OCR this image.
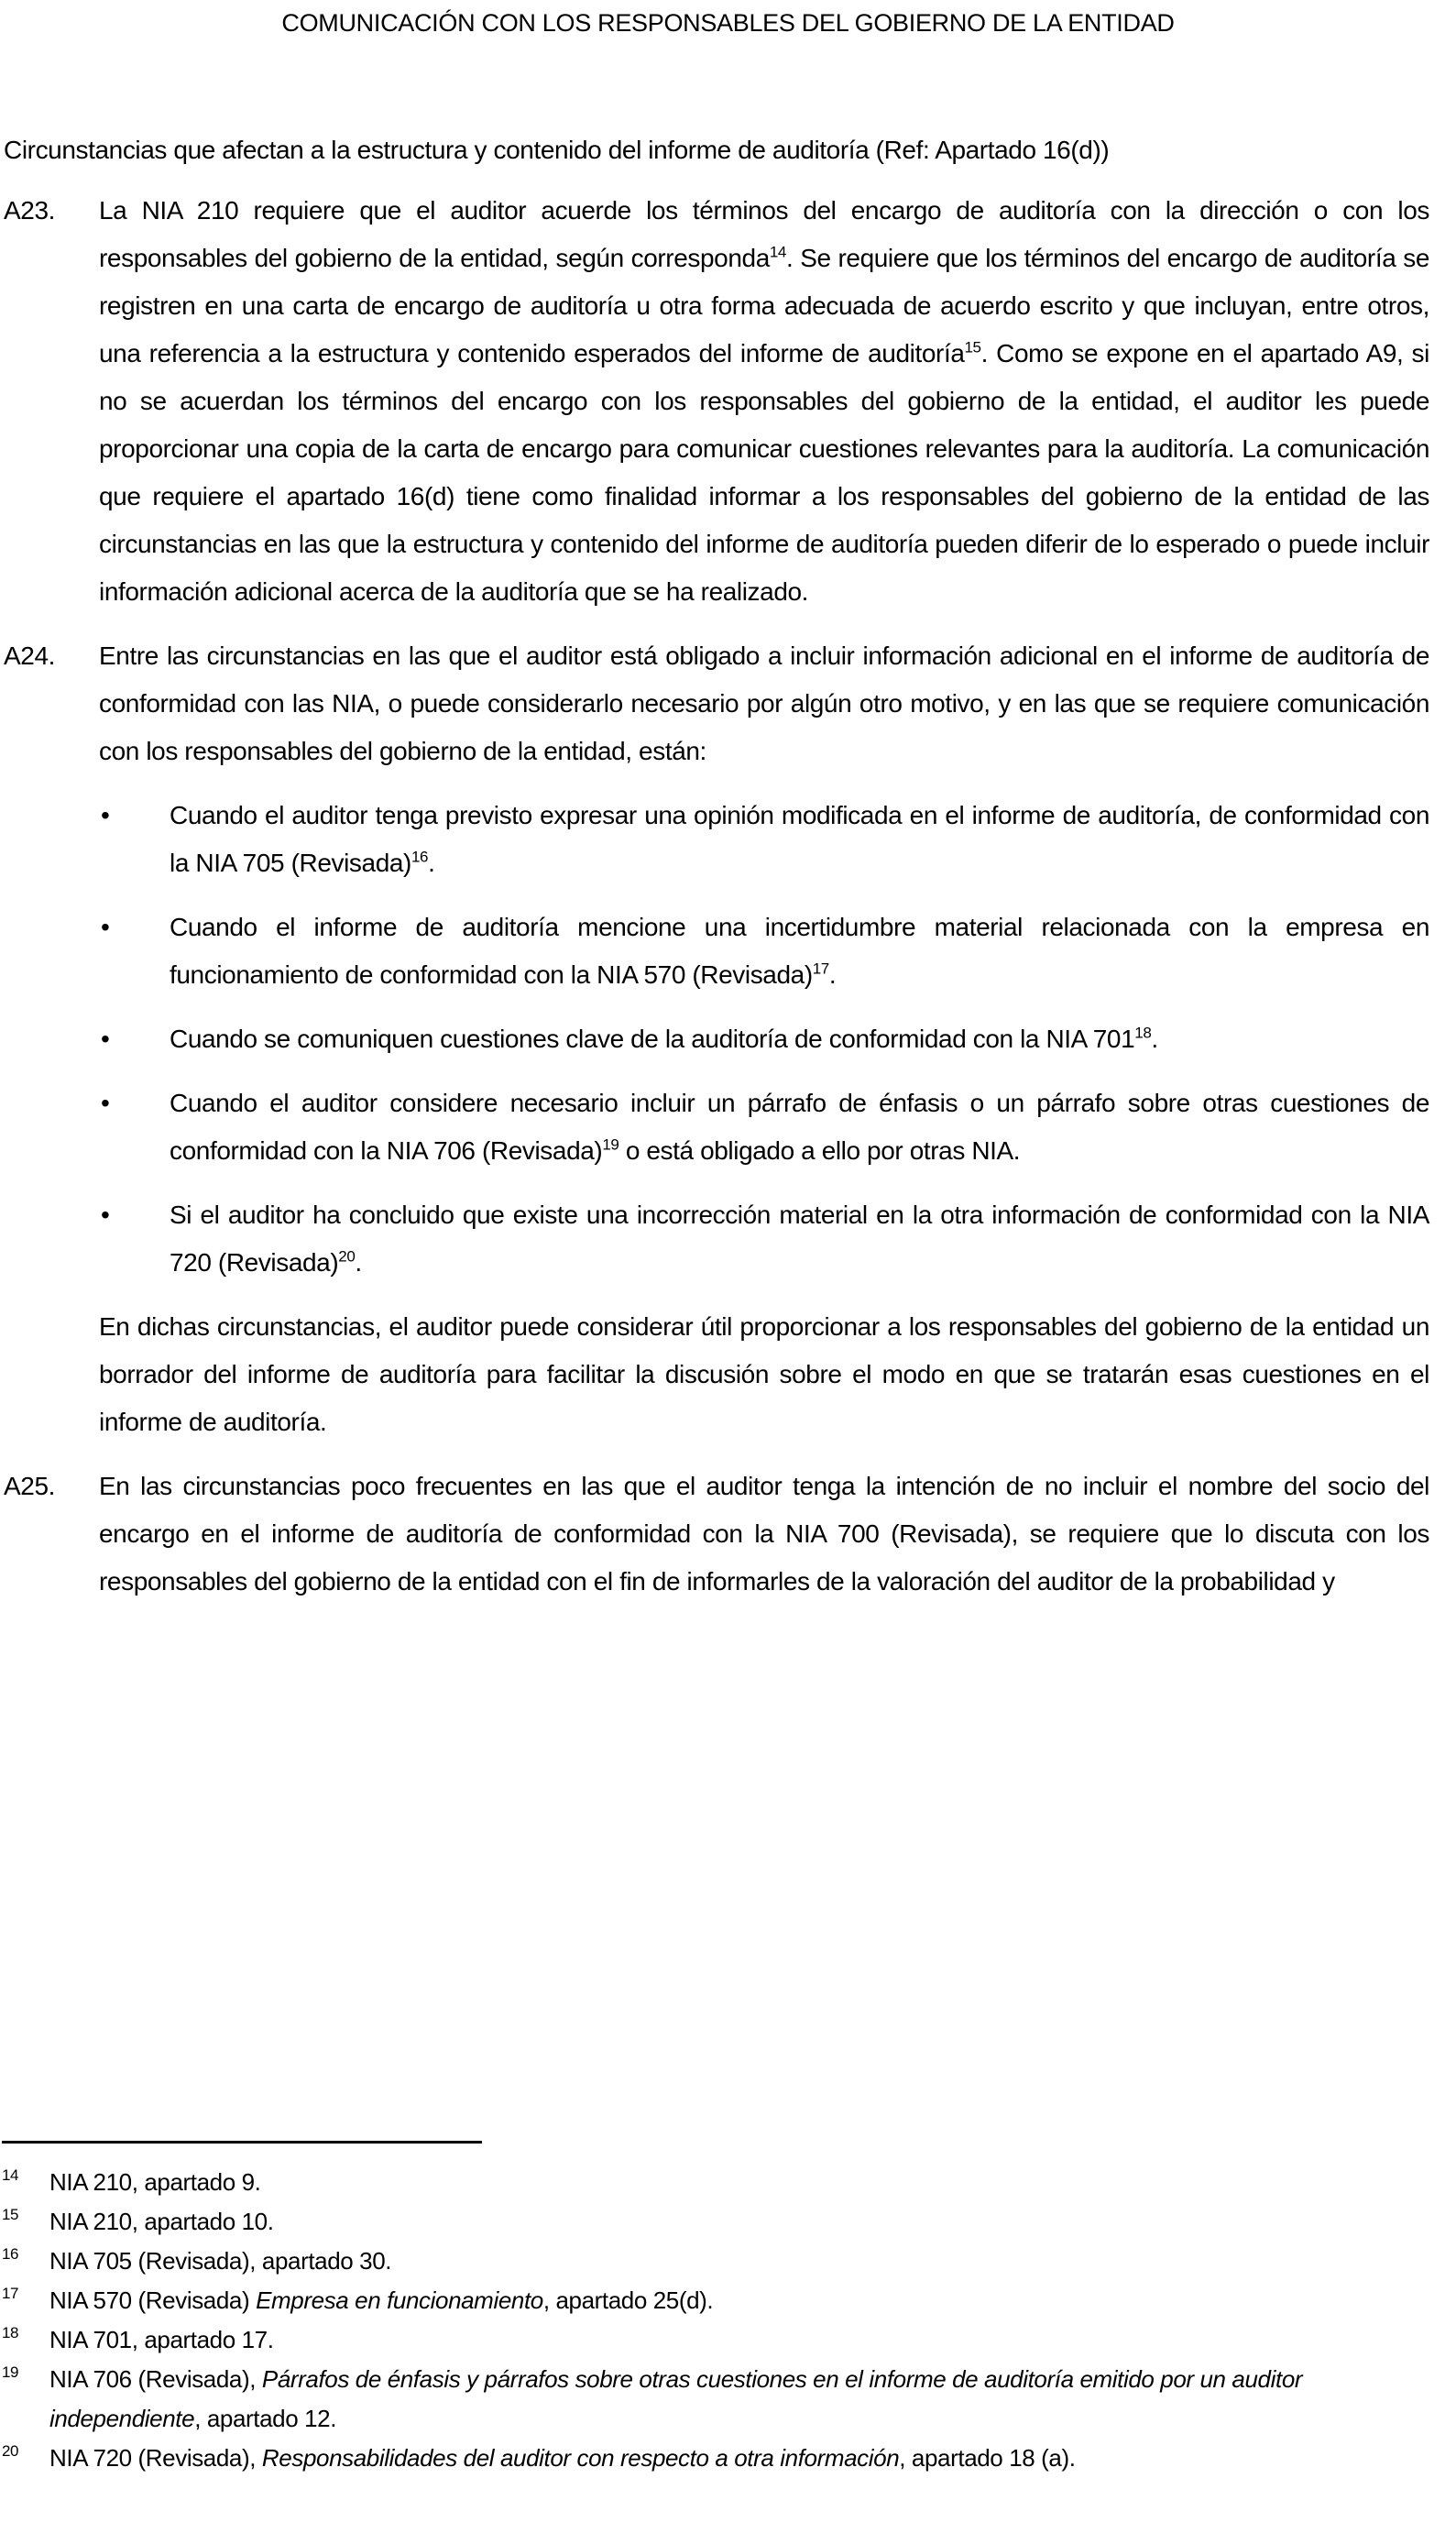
COMUNICACIÓN CON LOS RESPONSABLES DEL GOBIERNO DE LA ENTIDAD

Circunstancias que afectan a la estructura y contenido del informe de auditoría (Ref: Apartado 16(d))

A23. La NIA 210 requiere que el auditor acuerde los términos del encargo de auditoría con la dirección o con los responsables del gobierno de la entidad, según corresponda$^{14}$. Se requiere que los términos del encargo de auditoría se registren en una carta de encargo de auditoría u otra forma adecuada de acuerdo escrito y que incluyan, entre otros, una referencia a la estructura y contenido esperados del informe de auditoría$^{15}$. Como se expone en el apartado A9, si no se acuerdan los términos del encargo con los responsables del gobierno de la entidad, el auditor les puede proporcionar una copia de la carta de encargo para comunicar cuestiones relevantes para la auditoría. La comunicación que requiere el apartado 16(d) tiene como finalidad informar a los responsables del gobierno de la entidad de las circunstancias en las que la estructura y contenido del informe de auditoría pueden diferir de lo esperado o puede incluir información adicional acerca de la auditoría que se ha realizado.
A24. Entre las circunstancias en las que el auditor está obligado a incluir información adicional en el informe de auditoría de conformidad con las NIA, o puede considerarlo necesario por algún otro motivo, y en las que se requiere comunicación con los responsables del gobierno de la entidad, están:
• Cuando el auditor tenga previsto expresar una opinión modificada en el informe de auditoría, de conformidad con la NIA 705 (Revisada)$^{16}$.
• Cuando el informe de auditoría mencione una incertidumbre material relacionada con la empresa en funcionamiento de conformidad con la NIA 570 (Revisada)$^{17}$.
• Cuando se comuniquen cuestiones clave de la auditoría de conformidad con la NIA $701^{18}$.
• Cuando el auditor considere necesario incluir un párrafo de énfasis o un párrafo sobre otras cuestiones de conformidad con la NIA 706 (Revisada)$^{19}$ o está obligado a ello por otras NIA.
• Si el auditor ha concluido que existe una incorrección material en la otra información de conformidad con la NIA 720 (Revisada)$^{20}$.
En dichas circunstancias, el auditor puede considerar útil proporcionar a los responsables del gobierno de la entidad un borrador del informe de auditoría para facilitar la discusión sobre el modo en que se tratarán esas cuestiones en el informe de auditoría.
A25. En las circunstancias poco frecuentes en las que el auditor tenga la intención de no incluir el nombre del socio del encargo en el informe de auditoría de conformidad con la NIA 700 (Revisada), se requiere que lo discuta con los responsables del gobierno de la entidad con el fin de informarles de la valoración del auditor de la probabilidad y
14 NIA 210, apartado 9.
15 NIA 210, apartado 10.
16 NIA 705 (Revisada), apartado 30.
17 NIA 570 (Revisada) Empresa en funcionamiento, apartado 25(d).
18 NIA 701, apartado 17.
19 NIA 706 (Revisada), Párrafos de énfasis y párrafos sobre otras cuestiones en el informe de auditoría emitido por un auditor independiente, apartado 12.
20 NIA 720 (Revisada), Responsabilidades del auditor con respecto a otra información, apartado 18 (a).
